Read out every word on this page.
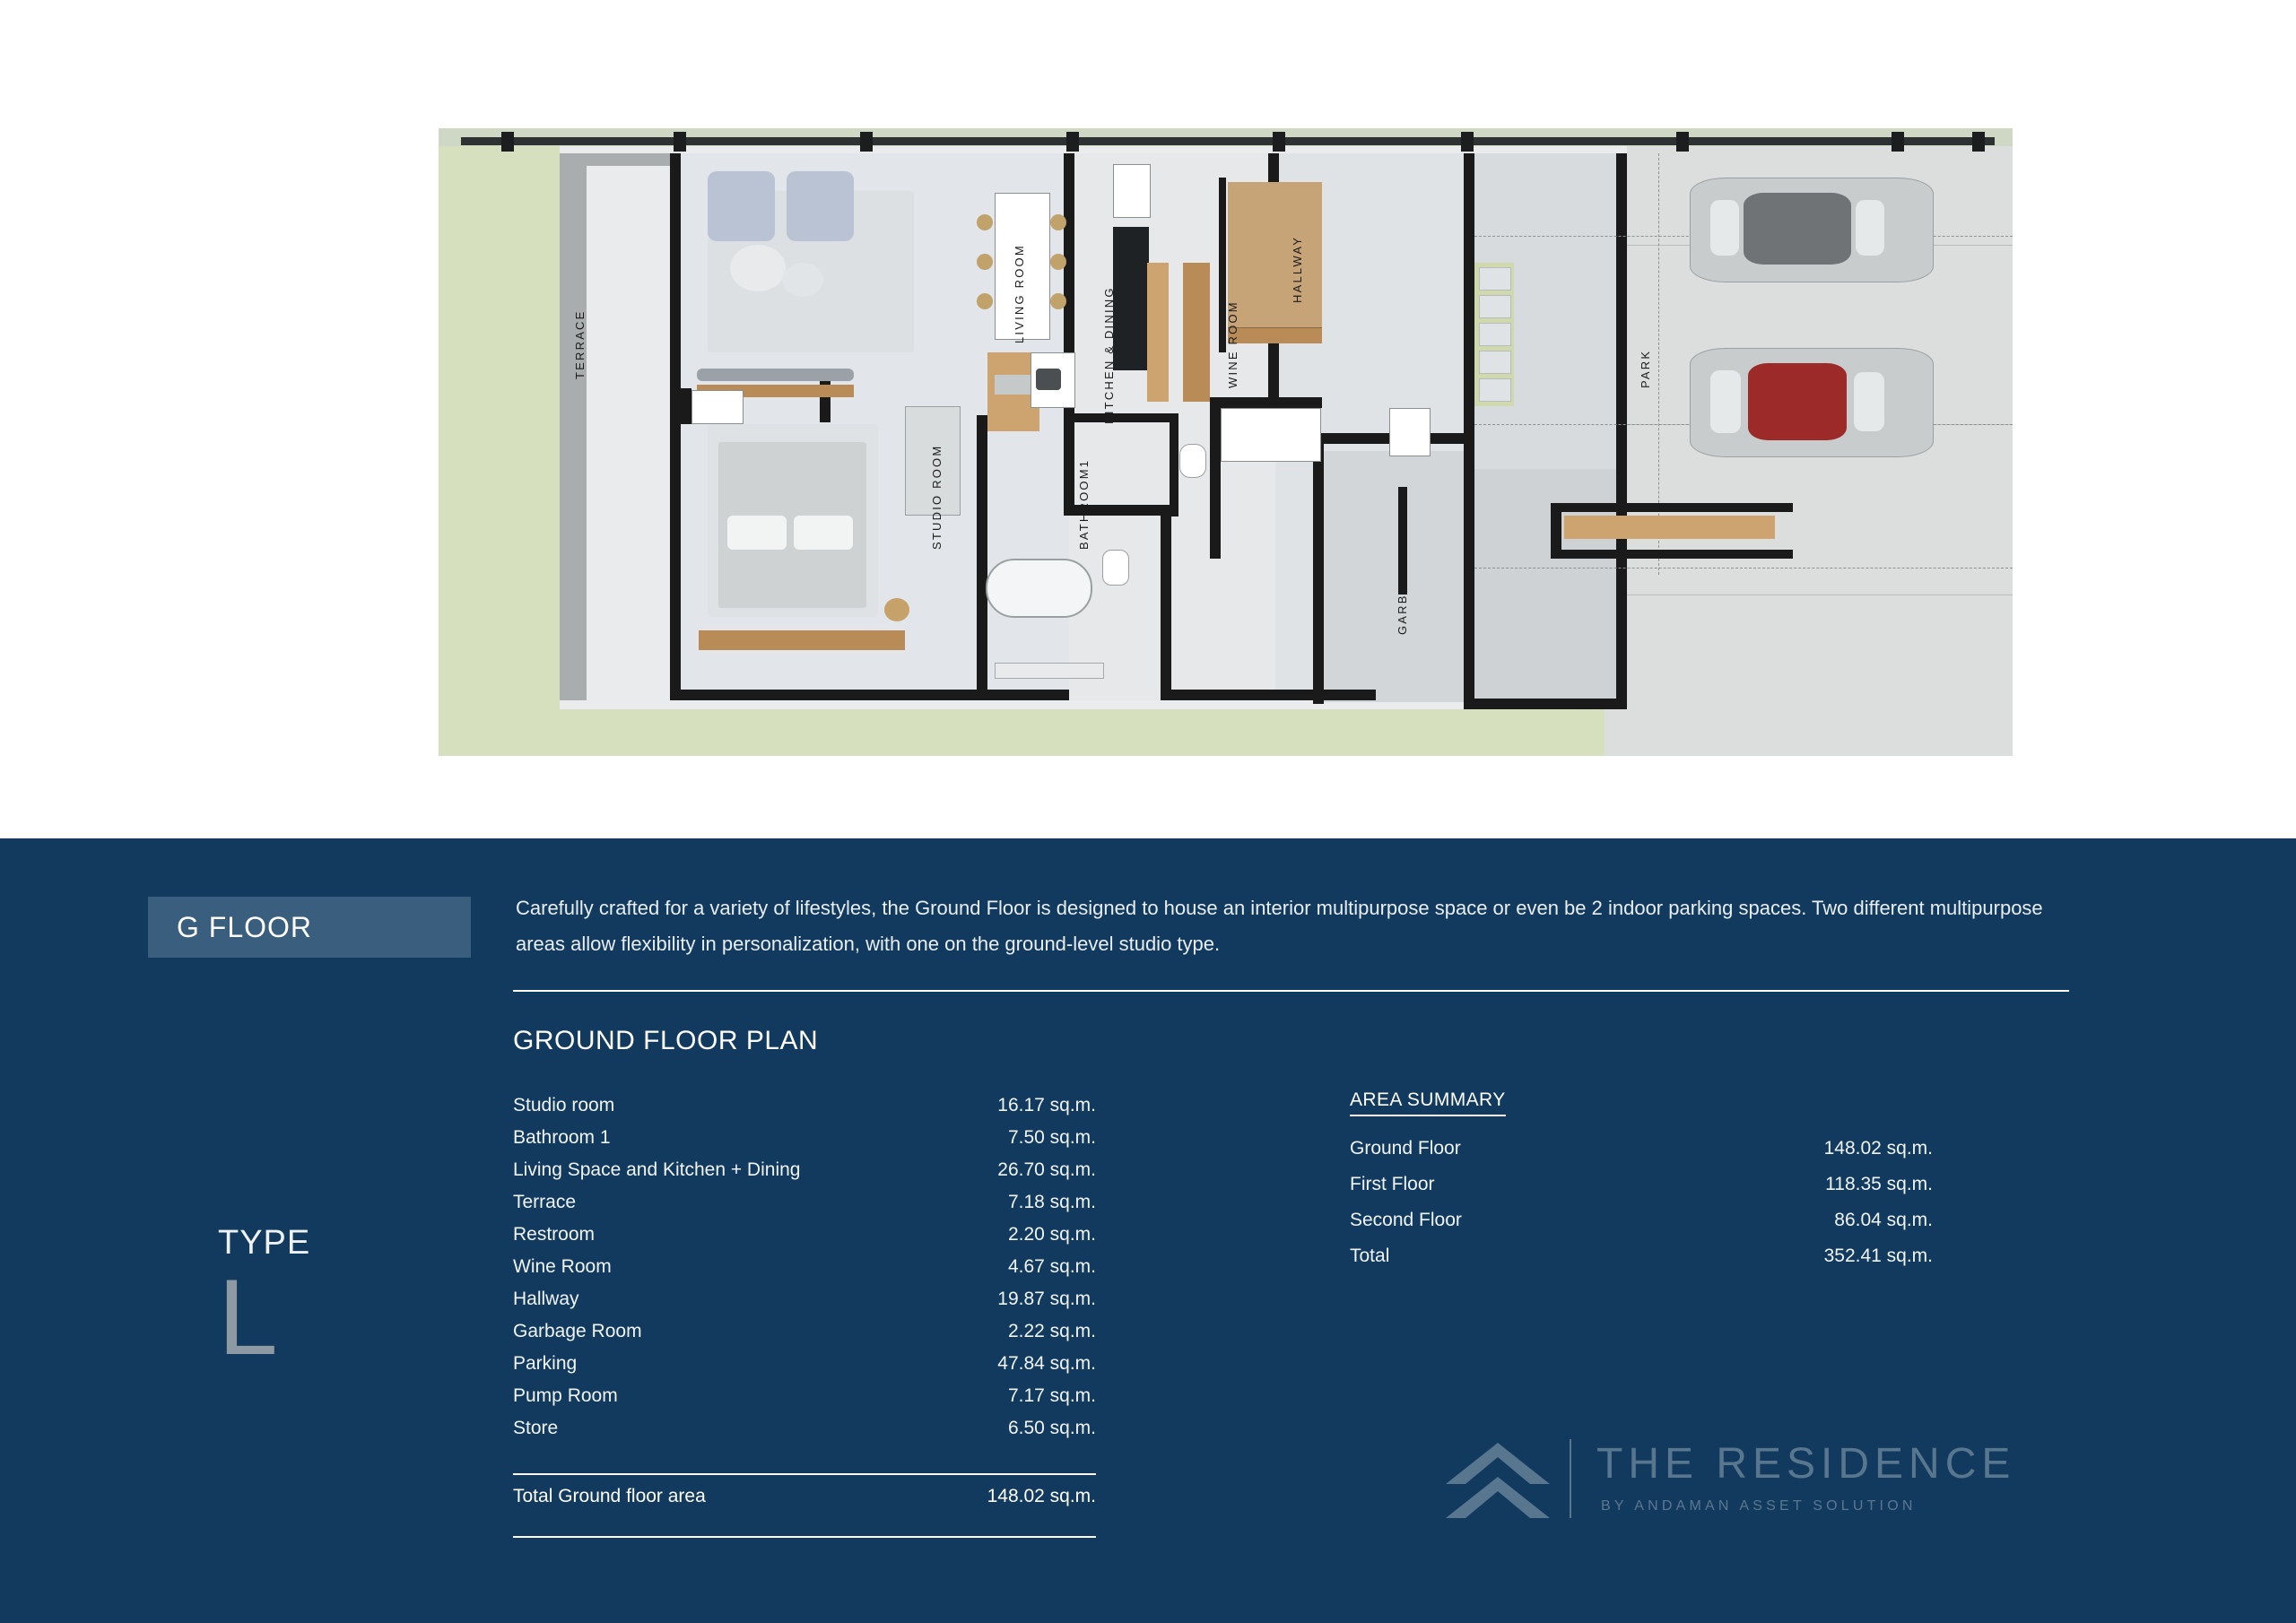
TERRACE
LIVING ROOM	KITCHEN & DINING
STUDIO ROOM	BATHROOM1
WINE ROOM
HALLWAY
TOILET
PUMP ROOM	GARBAGE ROOM
PARK
G FLOOR
Carefully crafted for a variety of lifestyles, the Ground Floor is designed to house an interior multipurpose space or even be 2 indoor parking spaces. Two different multipurpose areas allow flexibility in personalization, with one on the ground-level studio type.
GROUND FLOOR PLAN
Studio room	16.17 sq.m.
Bathroom 1	7.50 sq.m.
Living Space and Kitchen + Dining	26.70 sq.m.
Terrace	7.18 sq.m.
Restroom	2.20 sq.m.
Wine Room	4.67 sq.m.
Hallway	19.87 sq.m.
Garbage Room	2.22 sq.m.
Parking	47.84 sq.m.
Pump Room	7.17 sq.m.
Store	6.50 sq.m.
Total Ground floor area	148.02 sq.m.
AREA SUMMARY
Ground Floor	148.02 sq.m.
First Floor	118.35 sq.m.
Second Floor	86.04 sq.m.
Total	352.41 sq.m.
TYPE
L
THE RESIDENCE
BY ANDAMAN ASSET SOLUTION
